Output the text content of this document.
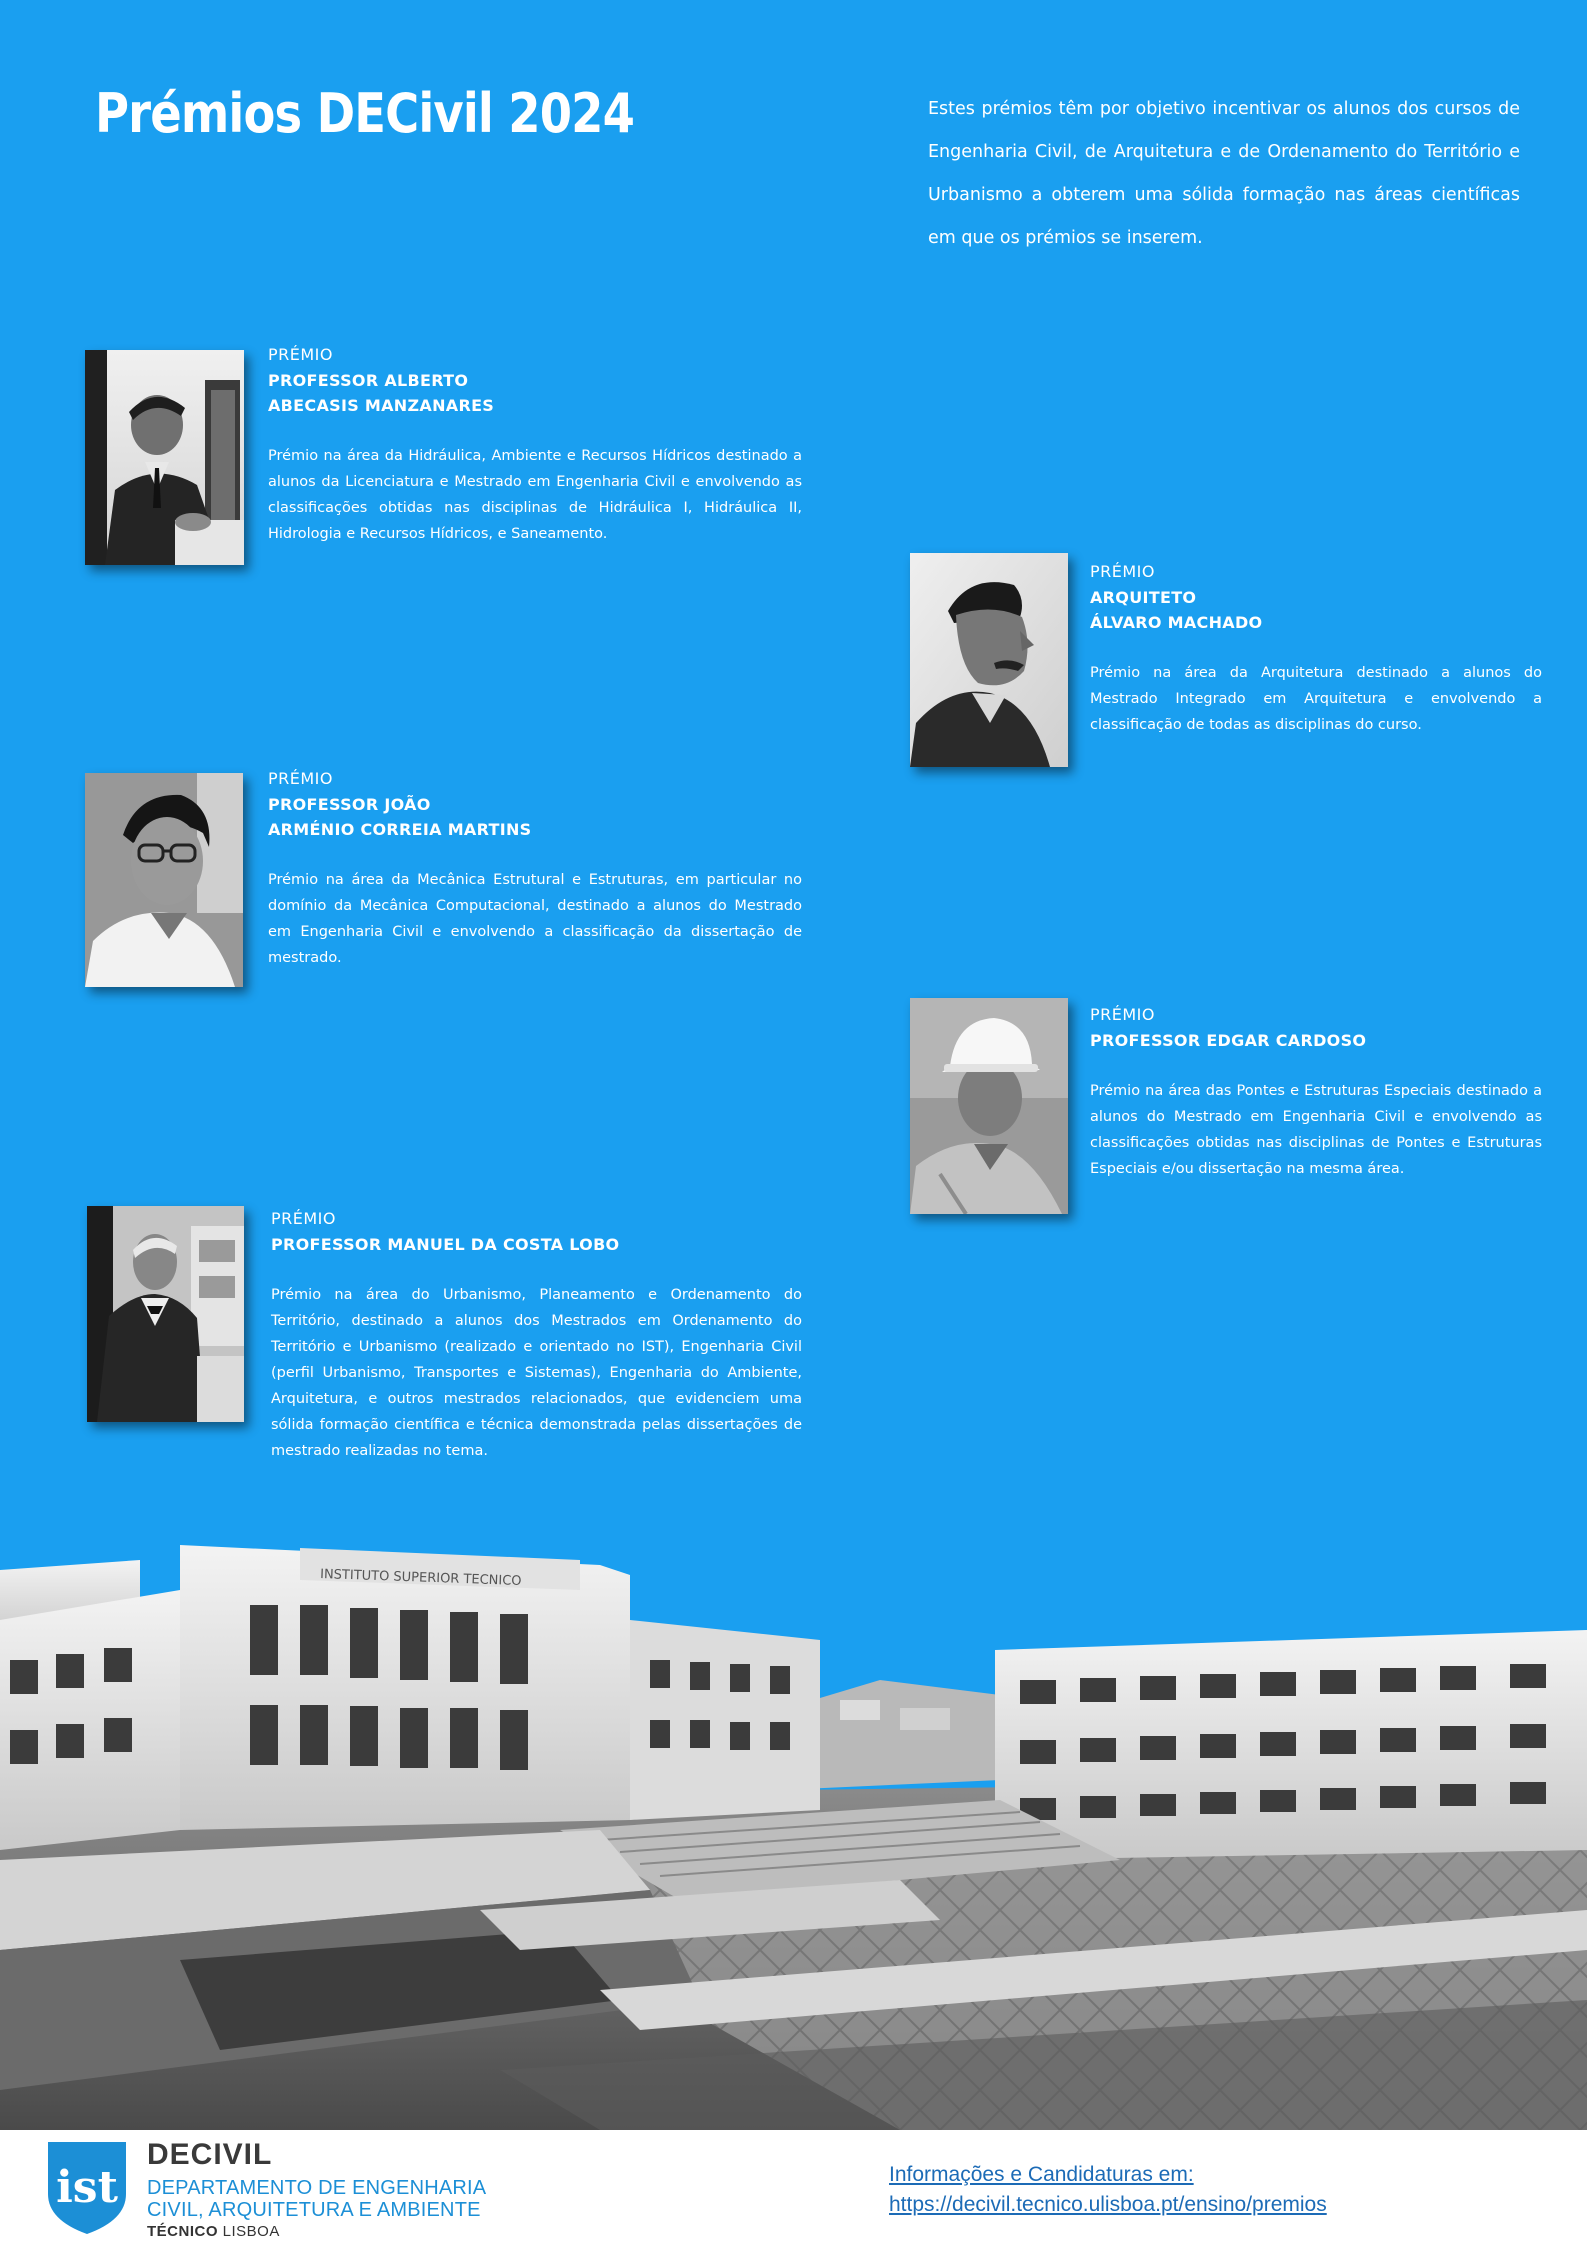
Prémios DECivil 2024	Estes prémios têm por objetivo incentivar os alunos dos cursos de Engenharia Civil, de Arquitetura e de Ordenamento do Território e Urbanismo a obterem uma sólida formação nas áreas científicas em que os prémios se inserem.

PRÉMIO
PROFESSOR ALBERTO
ABECASIS MANZANARES
Prémio na área da Hidráulica, Ambiente e Recursos Hídricos destinado a alunos da Licenciatura e Mestrado em Engenharia Civil e envolvendo as classificações obtidas nas disciplinas de Hidráulica I, Hidráulica II, Hidrologia e Recursos Hídricos, e Saneamento.
PRÉMIO
ARQUITETO
ÁLVARO MACHADO
Prémio na área da Arquitetura destinado a alunos do Mestrado Integrado em Arquitetura e envolvendo a classificação de todas as disciplinas do curso.
PRÉMIO
PROFESSOR JOÃO
ARMÉNIO CORREIA MARTINS
Prémio na área da Mecânica Estrutural e Estruturas, em particular no domínio da Mecânica Computacional, destinado a alunos do Mestrado em Engenharia Civil e envolvendo a classificação da dissertação de mestrado.
PRÉMIO
PROFESSOR EDGAR CARDOSO
Prémio na área das Pontes e Estruturas Especiais destinado a alunos do Mestrado em Engenharia Civil e envolvendo as classificações obtidas nas disciplinas de Pontes e Estruturas Especiais e/ou dissertação na mesma área.
PRÉMIO
PROFESSOR MANUEL DA COSTA LOBO
Prémio na área do Urbanismo, Planeamento e Ordenamento do Território, destinado a alunos dos Mestrados em Ordenamento do Território e Urbanismo (realizado e orientado no IST), Engenharia Civil (perfil Urbanismo, Transportes e Sistemas), Engenharia do Ambiente, Arquitetura, e outros mestrados relacionados, que evidenciem uma sólida formação científica e técnica demonstrada pelas dissertações de mestrado realizadas no tema.
INSTITUTO SUPERIOR TECNICO
ist
DECIVIL
DEPARTAMENTO DE ENGENHARIA
CIVIL, ARQUITETURA E AMBIENTE
TÉCNICO LISBOA
Informações e Candidaturas em:
https://decivil.tecnico.ulisboa.pt/ensino/premios
